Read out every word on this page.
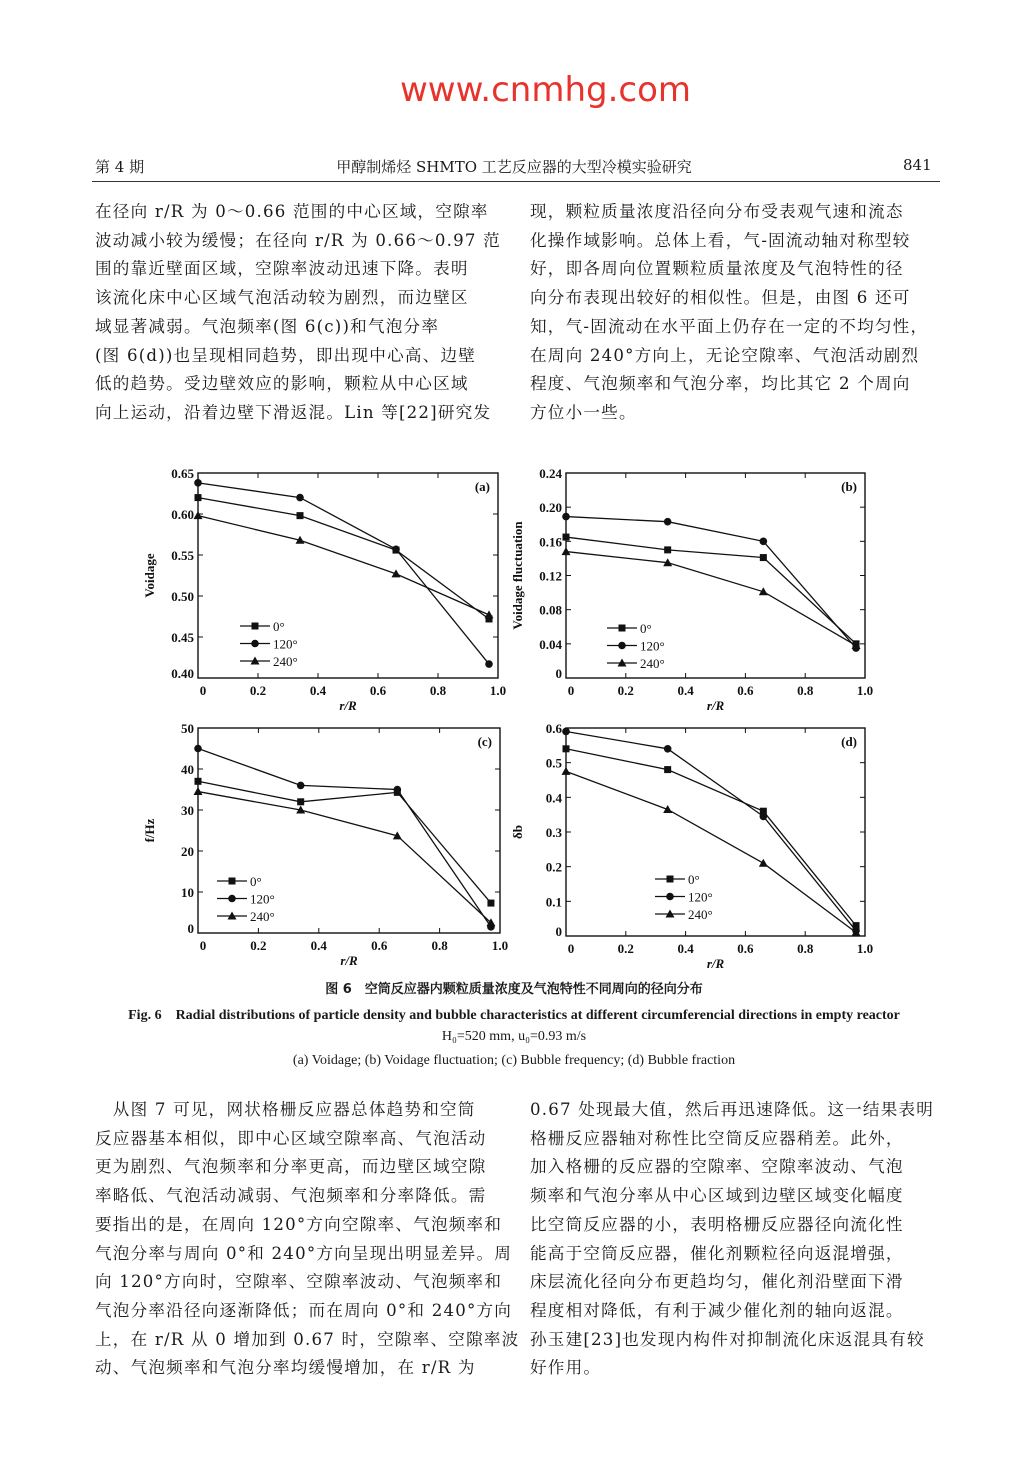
第 4 期	甲醇制烯烃 SHMTO 工艺反应器的大型冷模实验研究	841

在径向 r/R 为 0～0.66 范围的中心区域，空隙率

波动减小较为缓慢；在径向 r/R 为 0.66～0.97 范

围的靠近壁面区域，空隙率波动迅速下降。表明

该流化床中心区域气泡活动较为剧烈，而边壁区

域显著减弱。气泡频率(图 6(c))和气泡分率

(图 6(d))也呈现相同趋势，即出现中心高、边壁

低的趋势。受边壁效应的影响，颗粒从中心区域

向上运动，沿着边壁下滑返混。Lin 等[22]研究发

现，颗粒质量浓度沿径向分布受表观气速和流态

化操作域影响。总体上看，气-固流动轴对称型较

好，即各周向位置颗粒质量浓度及气泡特性的径

向分布表现出较好的相似性。但是，由图 6 还可

知，气-固流动在水平面上仍存在一定的不均匀性，

在周向 240°方向上，无论空隙率、气泡活动剧烈

程度、气泡频率和气泡分率，均比其它 2 个周向

方位小一些。

0	0.2	0.4	0.6	0.8	1.0
0.40
0.45
0.50
0.55
0.60
0.65
r/R
Voidage
(a)
0°
120°
240°
0	0.2	0.4	0.6	0.8	1.0
0
0.04
0.08
0.12
0.16
0.20
0.24
r/R
Voidage fluctuation
(b)
0°
120°
240°
0	0.2	0.4	0.6	0.8	1.0
0
10
20
30
40
50
r/R
f/Hz
(c)
0°
120°
240°
0	0.2	0.4	0.6	0.8	1.0
0
0.1
0.2
0.3
0.4
0.5
0.6
r/R
δb
(d)
0°
120°
240°
www.cnmhg.com
图 6　空筒反应器内颗粒质量浓度及气泡特性不同周向的径向分布
Fig. 6　Radial distributions of particle density and bubble characteristics at different circumferencial directions in empty reactor
H₀=520 mm, u₀=0.93 m/s
(a) Voidage; (b) Voidage fluctuation; (c) Bubble frequency; (d) Bubble fraction

　从图 7 可见，网状格栅反应器总体趋势和空筒

反应器基本相似，即中心区域空隙率高、气泡活动

更为剧烈、气泡频率和分率更高，而边壁区域空隙

率略低、气泡活动减弱、气泡频率和分率降低。需

要指出的是，在周向 120°方向空隙率、气泡频率和

气泡分率与周向 0°和 240°方向呈现出明显差异。周

向 120°方向时，空隙率、空隙率波动、气泡频率和

气泡分率沿径向逐渐降低；而在周向 0°和 240°方向

上，在 r/R 从 0 增加到 0.67 时，空隙率、空隙率波

动、气泡频率和气泡分率均缓慢增加，在 r/R 为

0.67 处现最大值，然后再迅速降低。这一结果表明

格栅反应器轴对称性比空筒反应器稍差。此外，

加入格栅的反应器的空隙率、空隙率波动、气泡

频率和气泡分率从中心区域到边壁区域变化幅度

比空筒反应器的小，表明格栅反应器径向流化性

能高于空筒反应器，催化剂颗粒径向返混增强，

床层流化径向分布更趋均匀，催化剂沿壁面下滑

程度相对降低，有利于减少催化剂的轴向返混。

孙玉建[23]也发现内构件对抑制流化床返混具有较

好作用。
